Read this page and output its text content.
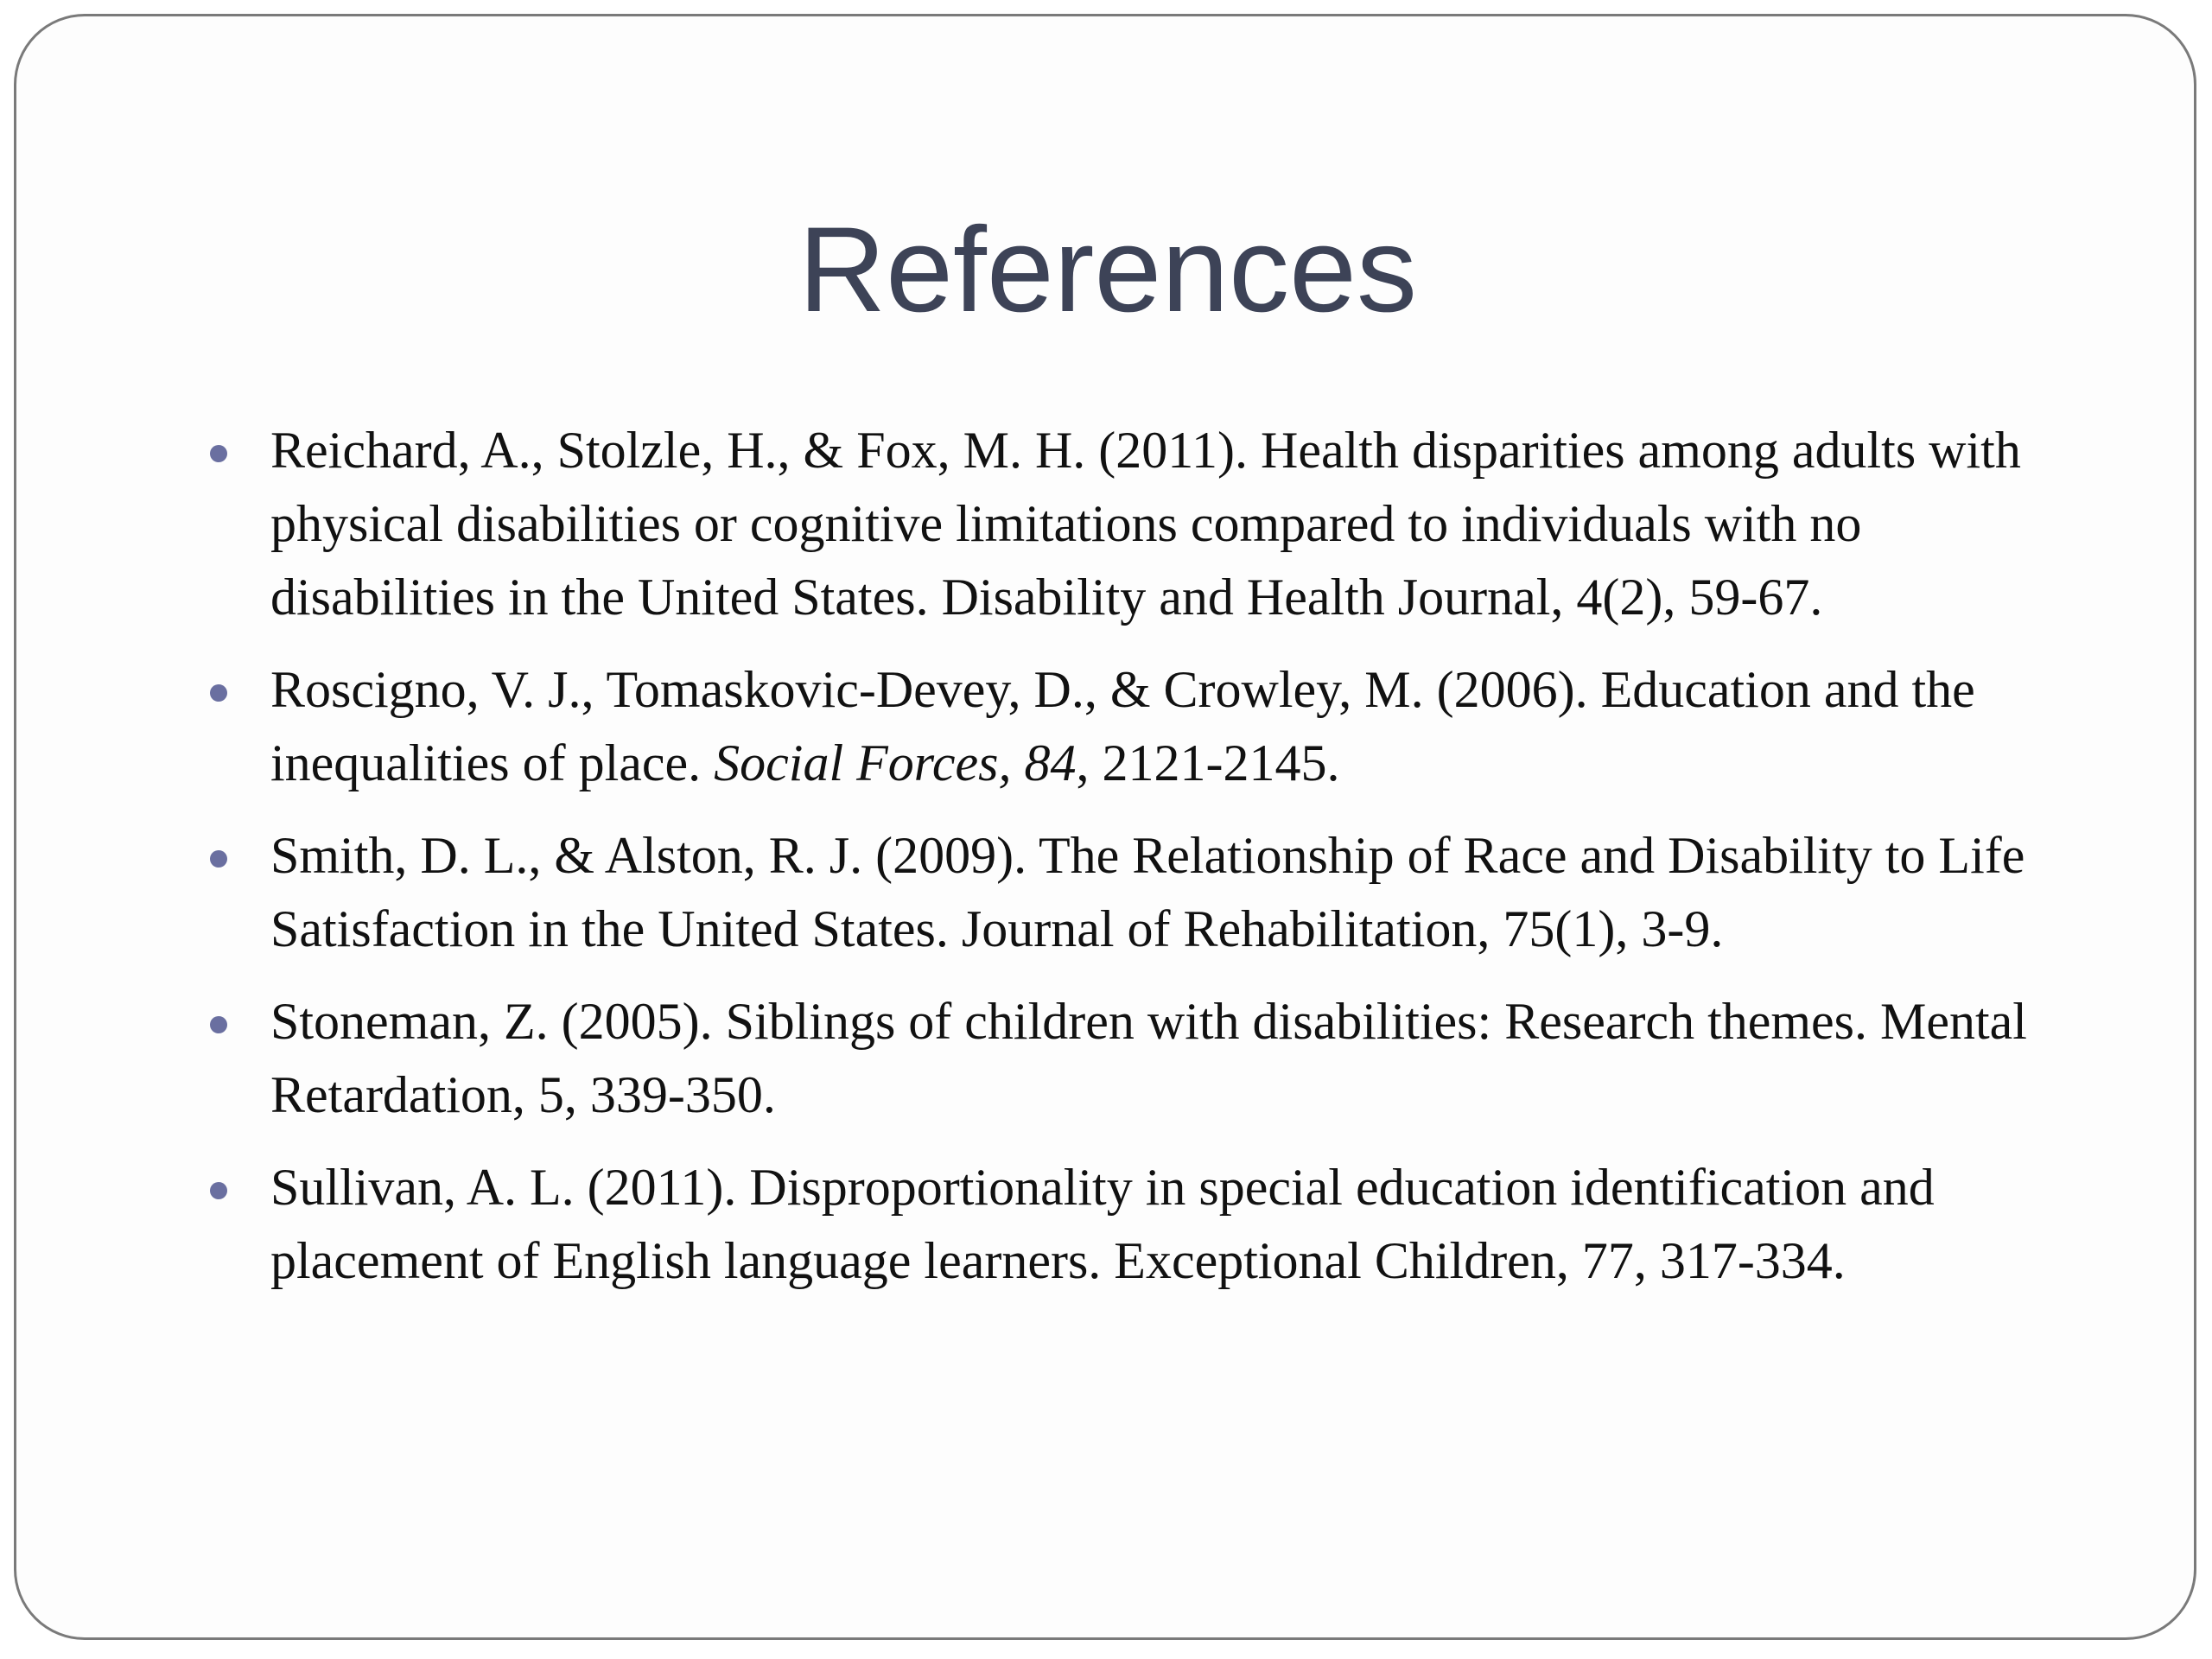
References
Reichard, A., Stolzle, H., & Fox, M. H. (2011). Health disparities among adults with physical disabilities or cognitive limitations compared to individuals with no disabilities in the United States. Disability and Health Journal, 4(2), 59-67.
Roscigno, V. J., Tomaskovic-Devey, D., & Crowley, M. (2006). Education and the inequalities of place. Social Forces, 84, 2121-2145.
Smith, D. L., & Alston, R. J. (2009). The Relationship of Race and Disability to Life Satisfaction in the United States. Journal of Rehabilitation, 75(1), 3-9.
Stoneman, Z. (2005). Siblings of children with disabilities: Research themes. Mental Retardation, 5, 339-350.
Sullivan, A. L. (2011). Disproportionality in special education identification and placement of English language learners. Exceptional Children, 77, 317-334.
